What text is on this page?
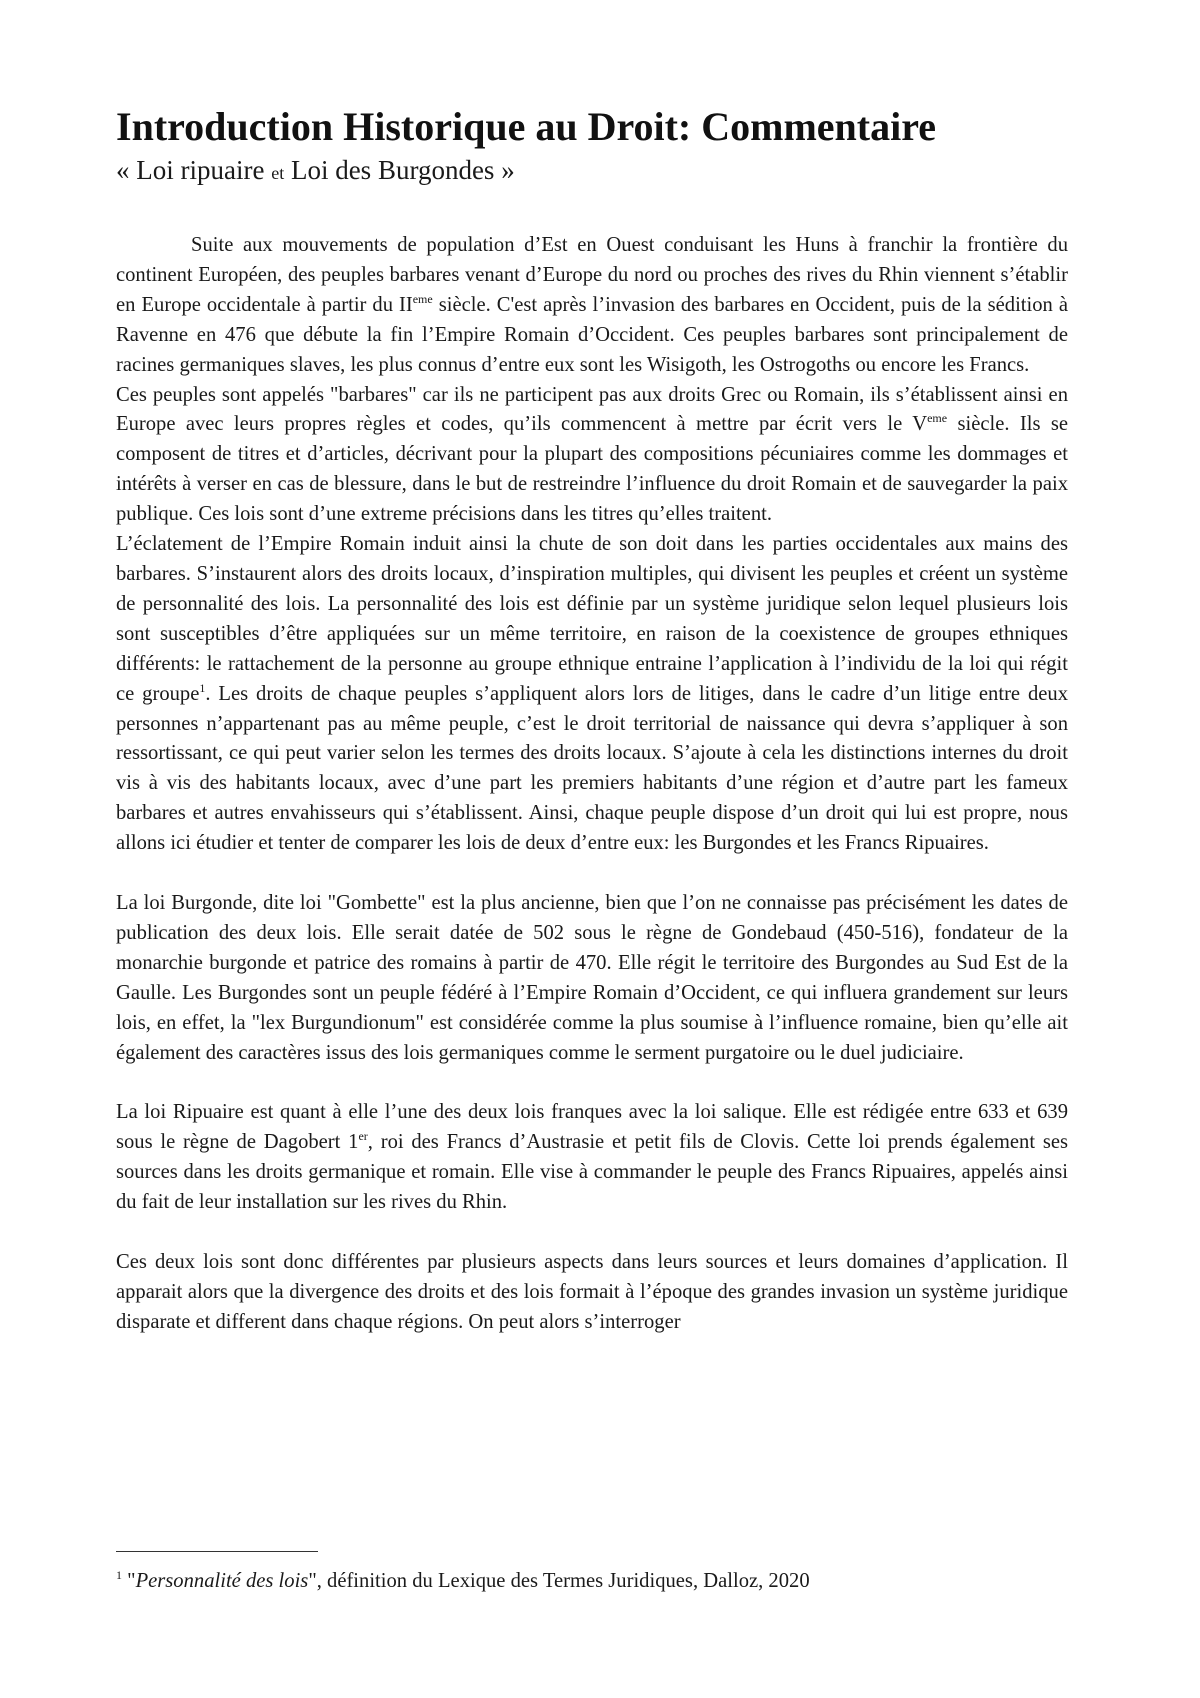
Introduction Historique au Droit: Commentaire
« Loi ripuaire et Loi des Burgondes »

Suite aux mouvements de population d’Est en Ouest conduisant les Huns à franchir la frontière du continent Européen, des peuples barbares venant d’Europe du nord ou proches des rives du Rhin viennent s’établir en Europe occidentale à partir du IIeme siècle. C'est après l’invasion des barbares en Occident, puis de la sédition à Ravenne en 476 que débute la fin l’Empire Romain d’Occident. Ces peuples barbares sont principalement de racines germaniques slaves, les plus connus d’entre eux sont les Wisigoth, les Ostrogoths ou encore les Francs.

Ces peuples sont appelés "barbares" car ils ne participent pas aux droits Grec ou Romain, ils s’établissent ainsi en Europe avec leurs propres règles et codes, qu’ils commencent à mettre par écrit vers le Veme siècle. Ils se composent de titres et d’articles, décrivant pour la plupart des compositions pécuniaires comme les dommages et intérêts à verser en cas de blessure, dans le but de restreindre l’influence du droit Romain et de sauvegarder la paix publique. Ces lois sont d’une extreme précisions dans les titres qu’elles traitent.

L’éclatement de l’Empire Romain induit ainsi la chute de son doit dans les parties occidentales aux mains des barbares. S’instaurent alors des droits locaux, d’inspiration multiples, qui divisent les peuples et créent un système de personnalité des lois. La personnalité des lois est définie par un système juridique selon lequel plusieurs lois sont susceptibles d’être appliquées sur un même territoire, en raison de la coexistence de groupes ethniques différents: le rattachement de la personne au groupe ethnique entraine l’application à l’individu de la loi qui régit ce groupe$^1$. Les droits de chaque peuples s’appliquent alors lors de litiges, dans le cadre d’un litige entre deux personnes n’appartenant pas au même peuple, c’est le droit territorial de naissance qui devra s’appliquer à son ressortissant, ce qui peut varier selon les termes des droits locaux. S’ajoute à cela les distinctions internes du droit vis à vis des habitants locaux, avec d’une part les premiers habitants d’une région et d’autre part les fameux barbares et autres envahisseurs qui s’établissent. Ainsi, chaque peuple dispose d’un droit qui lui est propre, nous allons ici étudier et tenter de comparer les lois de deux d’entre eux: les Burgondes et les Francs Ripuaires.

La loi Burgonde, dite loi "Gombette" est la plus ancienne, bien que l’on ne connaisse pas précisément les dates de publication des deux lois. Elle serait datée de 502 sous le règne de Gondebaud (450-516), fondateur de la monarchie burgonde et patrice des romains à partir de 470. Elle régit le territoire des Burgondes au Sud Est de la Gaulle. Les Burgondes sont un peuple fédéré à l’Empire Romain d’Occident, ce qui influera grandement sur leurs lois, en effet, la "lex Burgundionum" est considérée comme la plus soumise à l’influence romaine, bien qu’elle ait également des caractères issus des lois germaniques comme le serment purgatoire ou le duel judiciaire.

La loi Ripuaire est quant à elle l’une des deux lois franques avec la loi salique. Elle est rédigée entre 633 et 639 sous le règne de Dagobert 1er, roi des Francs d’Austrasie et petit fils de Clovis. Cette loi prends également ses sources dans les droits germanique et romain. Elle vise à commander le peuple des Francs Ripuaires, appelés ainsi du fait de leur installation sur les rives du Rhin.

Ces deux lois sont donc différentes par plusieurs aspects dans leurs sources et leurs domaines d’application. Il apparait alors que la divergence des droits et des lois formait à l’époque des grandes invasion un système juridique disparate et different dans chaque régions. On peut alors s’interroger

$^1$ "Personnalité des lois", définition du Lexique des Termes Juridiques, Dalloz, 2020
